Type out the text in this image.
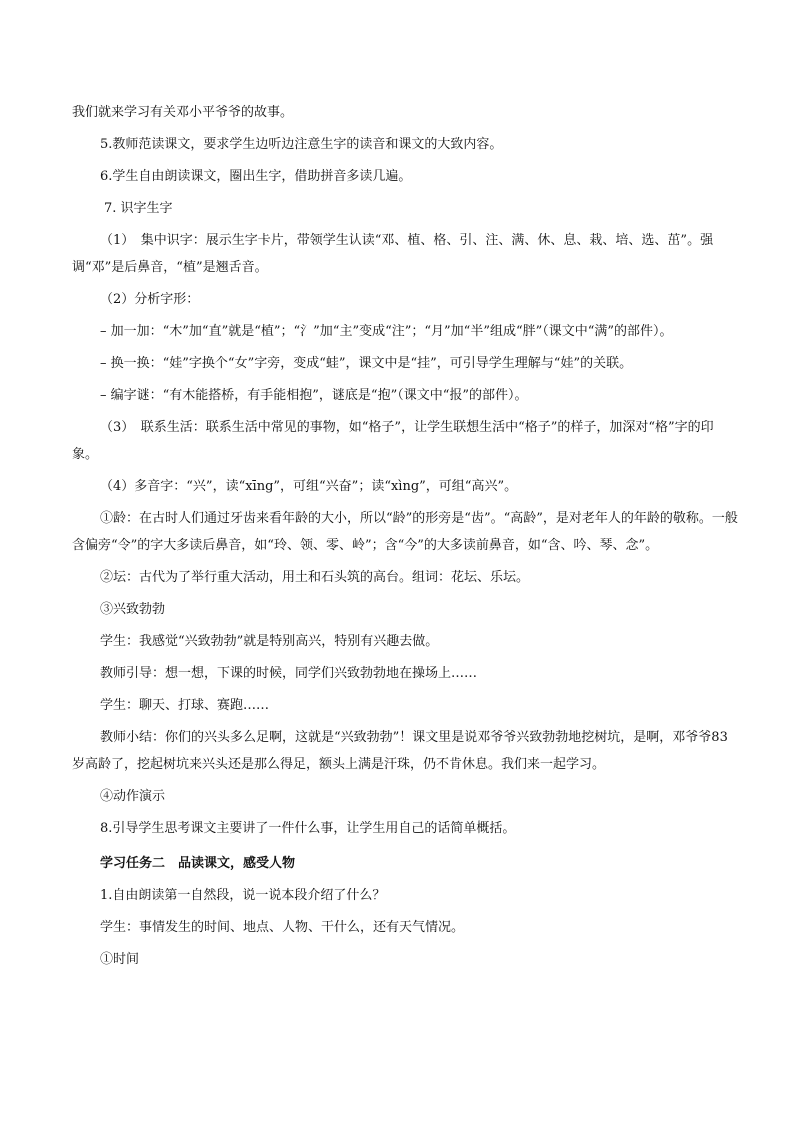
我们就来学习有关邓小平爷爷的故事。

5.教师范读课文，要求学生边听边注意生字的读音和课文的大致内容。

6.学生自由朗读课文，圈出生字，借助拼音多读几遍。

7. 识字生字

（1）　集中识字：展示生字卡片，带领学生认读“邓、植、格、引、注、满、休、息、栽、培、选、茁”。强调“邓”是后鼻音，“植”是翘舌音。

（2）分析字形：

– 加一加：“木”加“直”就是“植”；“氵”加“主”变成“注”；“月”加“半”组成“胖”（课文中“满”的部件）。

– 换一换：“娃”字换个“女”字旁，变成“蛙”，课文中是“挂”，可引导学生理解与“娃”的关联。

– 编字谜：“有木能搭桥，有手能相抱”，谜底是“抱”（课文中“报”的部件）。

（3）　联系生活：联系生活中常见的事物，如“格子”，让学生联想生活中“格子”的样子，加深对“格”字的印象。

（4）多音字：“兴”，读“xīng”，可组“兴奋”；读“xìng”，可组“高兴”。

①龄：在古时人们通过牙齿来看年龄的大小，所以“龄”的形旁是“齿”。“高龄”，是对老年人的年龄的敬称。一般含偏旁“令”的字大多读后鼻音，如“玲、领、零、岭”；含“今”的大多读前鼻音，如“含、吟、琴、念”。

②坛：古代为了举行重大活动，用土和石头筑的高台。组词：花坛、乐坛。

③兴致勃勃

学生：我感觉“兴致勃勃”就是特别高兴，特别有兴趣去做。

教师引导：想一想，下课的时候，同学们兴致勃勃地在操场上……

学生：聊天、打球、赛跑……

教师小结：你们的兴头多么足啊，这就是“兴致勃勃”！课文里是说邓爷爷兴致勃勃地挖树坑，是啊，邓爷爷83岁高龄了，挖起树坑来兴头还是那么得足，额头上满是汗珠，仍不肯休息。我们来一起学习。

④动作演示

8.引导学生思考课文主要讲了一件什么事，让学生用自己的话简单概括。

学习任务二　品读课文，感受人物

1.自由朗读第一自然段，说一说本段介绍了什么？

学生：事情发生的时间、地点、人物、干什么，还有天气情况。

①时间
